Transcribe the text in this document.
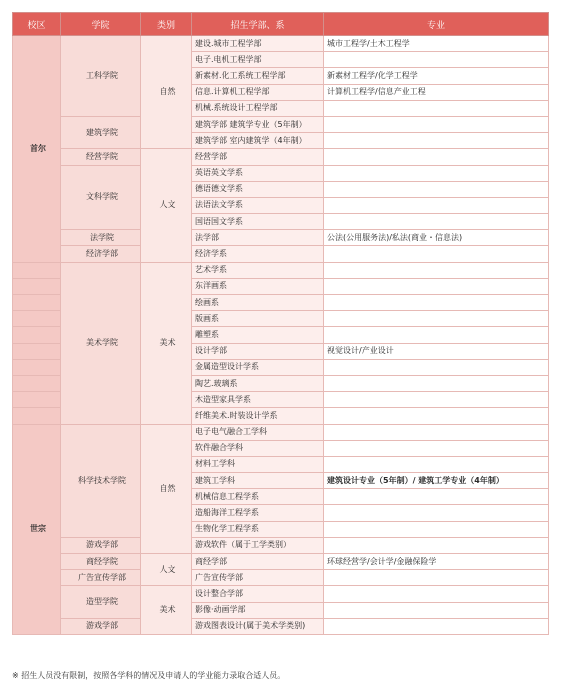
校区	学院	类别	招生学部、系	专业
首尔	工科学院	自然	建设.城市工程学部	城市工程学/土木工程学
			电子.电机工程学部	
			新素材.化工系统工程学部	新素材工程学/化学工程学
			信息.计算机工程学部	计算机工程学/信息产业工程
			机械.系统设计工程学部	
	建筑学院		建筑学部 建筑学专业（5年制）	
			建筑学部 室内建筑学（4年制）	
	经营学院	人文	经营学部	
	文科学院		英语英文学系	
			德语德文学系	
			法语法文学系	
			国语国文学系	
	法学院		法学部	公法(公用服务法)/私法(商业・信息法)
	经济学部		经济学系	
	美术学院	美术	艺术学系	
			东洋画系	
			绘画系	
			版画系	
			雕塑系	
			设计学部	视觉设计/产业设计
			金属造型设计学系	
			陶艺.玻璃系	
			木造型家具学系	
			纤维美术.时装设计学系	
世宗	科学技术学院	自然	电子电气融合工学科	
			软件融合学科	
			材料工学科	
			建筑工学科	建筑设计专业（5年制）/ 建筑工学专业（4年制）
			机械信息工程学系	
			造船海洋工程学系	
			生物化学工程学系	
	游戏学部		游戏软件（属于工学类别）	
	商经学院	人文	商经学部	环球经营学/会计学/金融保险学
	广告宣传学部		广告宣传学部	
	造型学院	美术	设计整合学部	
			影像·动画学部	
	游戏学部		游戏图表设计(属于美术学类别)	
※ 招生人员没有限制，按照各学科的情况及申请人的学业能力录取合适人员。
